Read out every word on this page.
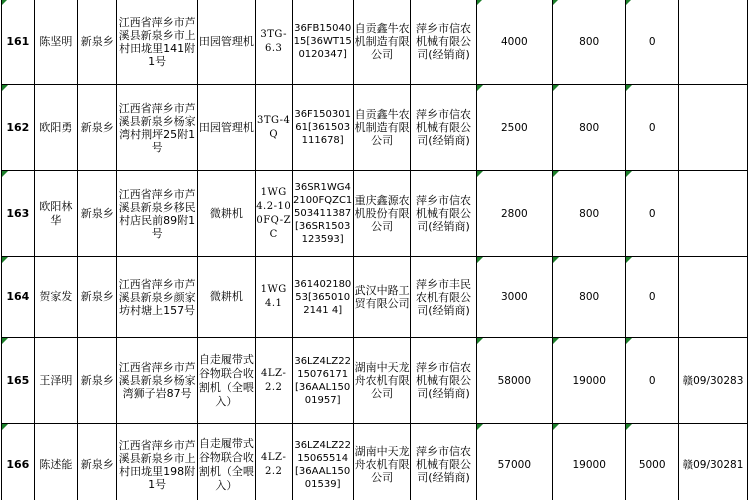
161	陈坚明	新泉乡	江西省萍乡市芦溪县新泉乡市上村田垅里141附1号	田园管理机	3TG-6.3	36FB1504015[36WT150120347]	自贡鑫牛农机制造有限公司	萍乡市信农机械有限公司(经销商)	4000	800	0	

162	欧阳勇	新泉乡	江西省萍乡市芦溪县新泉乡杨家湾村荆坪25附1号	田园管理机	3TG-4Q	36F15030161[361503111678]	自贡鑫牛农机制造有限公司	萍乡市信农机械有限公司(经销商)	2500	800	0	

163	欧阳林华	新泉乡	江西省萍乡市芦溪县新泉乡移民村店民前89附1号	微耕机	1WG4.2-100FQ-ZC	36SR1WG42100FQZC1503411387[36SR1503123593]	重庆鑫源农机股份有限公司	萍乡市信农机械有限公司(经销商)	2800	800	0	

164	贺家发	新泉乡	江西省萍乡市芦溪县新泉乡颜家坊村塘上157号	微耕机	1WG4.1	36140218053[3650102141 4]	武汉中路工贸有限公司	萍乡市丰民农机有限公司(经销商)	3000	800	0	

165	王泽明	新泉乡	江西省萍乡市芦溪县新泉乡杨家湾狮子岩87号	自走履带式谷物联合收割机（全喂入）	4LZ-2.2	36LZ4LZ2215076171[36AAL15001957]	湖南中天龙舟农机有限公司	萍乡市信农机械有限公司(经销商)	58000	19000	0	赣09/30283

166	陈述能	新泉乡	江西省萍乡市芦溪县新泉乡市上村田垅里198附1号	自走履带式谷物联合收割机（全喂入）	4LZ-2.2	36LZ4LZ2215065514[36AAL15001539]	湖南中天龙舟农机有限公司	萍乡市信农机械有限公司(经销商)	57000	19000	5000	赣09/30281
